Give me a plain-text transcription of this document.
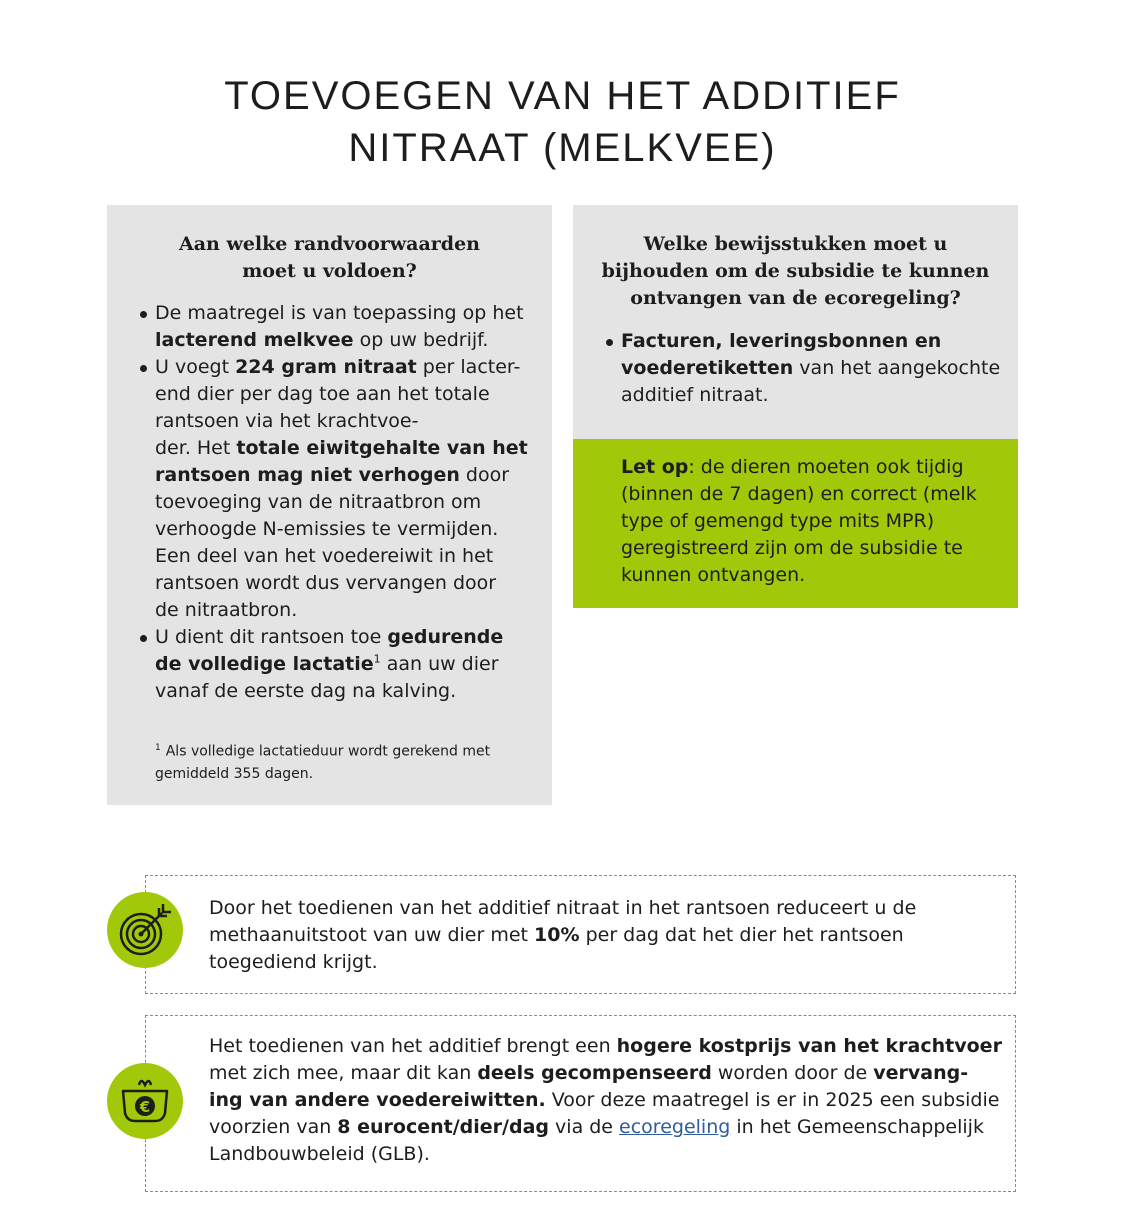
TOEVOEGEN VAN HET ADDITIEF
NITRAAT (MELKVEE)
Aan welke randvoorwaarden
moet u voldoen?
De maatregel is van toepassing op het
lacterend melkvee op uw bedrijf.
U voegt 224 gram nitraat per lacter-
end dier per dag toe aan het totale
rantsoen via het krachtvoe-
der. Het totale eiwitgehalte van het
rantsoen mag niet verhogen door
toevoeging van de nitraatbron om
verhoogde N-emissies te vermijden.
Een deel van het voedereiwit in het
rantsoen wordt dus vervangen door
de nitraatbron.
U dient dit rantsoen toe gedurende
de volledige lactatie$^1$ aan uw dier
vanaf de eerste dag na kalving.
$^1$ Als volledige lactatieduur wordt gerekend met
gemiddeld 355 dagen.
Welke bewijsstukken moet u
bijhouden om de subsidie te kunnen
ontvangen van de ecoregeling?
Facturen, leveringsbonnen en
voederetiketten van het aangekochte
additief nitraat.
Let op: de dieren moeten ook tijdig
(binnen de 7 dagen) en correct (melk
type of gemengd type mits MPR)
geregistreerd zijn om de subsidie te
kunnen ontvangen.
Door het toedienen van het additief nitraat in het rantsoen reduceert u de
methaanuitstoot van uw dier met 10% per dag dat het dier het rantsoen
toegediend krijgt.
Het toedienen van het additief brengt een hogere kostprijs van het krachtvoer
met zich mee, maar dit kan deels gecompenseerd worden door de vervang-
ing van andere voedereiwitten. Voor deze maatregel is er in 2025 een subsidie
voorzien van 8 eurocent/dier/dag via de ecoregeling in het Gemeenschappelijk
Landbouwbeleid (GLB).
€
